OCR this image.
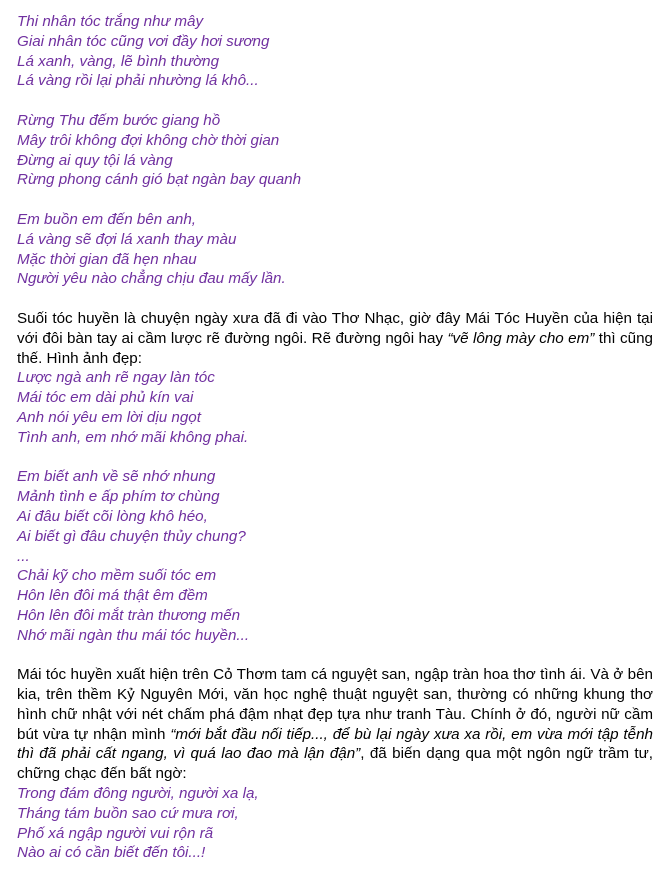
Thi nhân tóc trắng như mây
Giai nhân tóc cũng vơi đầy hơi sương
Lá xanh, vàng, lẽ bình thường
Lá vàng rồi lại phải nhường lá khô...
Rừng Thu đếm bước giang hồ
Mây trôi không đợi không chờ thời gian
Đừng ai quy tội lá vàng
Rừng phong cánh gió bạt ngàn bay quanh
Em buồn em đến bên anh,
Lá vàng sẽ đợi lá xanh thay màu
Mặc thời gian đã hẹn nhau
Người yêu nào chẳng chịu đau mấy lần.

Suối tóc huyền là chuyện ngày xưa đã đi vào Thơ Nhạc, giờ đây Mái Tóc Huyền của hiện tại với đôi bàn tay ai cầm lược rẽ đường ngôi. Rẽ đường ngôi hay “vẽ lông mày cho em” thì cũng thế. Hình ảnh đẹp:

Lược ngà anh rẽ ngay làn tóc
Mái tóc em dài phủ kín vai
Anh nói yêu em lời dịu ngọt
Tình anh, em nhớ mãi không phai.
Em biết anh về sẽ nhớ nhung
Mảnh tình e ấp phím tơ chùng
Ai đâu biết cõi lòng khô héo,
Ai biết gì đâu chuyện thủy chung?
...
Chải kỹ cho mềm suối tóc em
Hôn lên đôi má thật êm đềm
Hôn lên đôi mắt tràn thương mến
Nhớ mãi ngàn thu mái tóc huyền...

Mái tóc huyền xuất hiện trên Cỏ Thơm tam cá nguyệt san, ngập tràn hoa thơ tình ái. Và ở bên kia, trên thềm Kỷ Nguyên Mới, văn học nghệ thuật nguyệt san, thường có những khung thơ hình chữ nhật với nét chấm phá đậm nhạt đẹp tựa như tranh Tàu. Chính ở đó, người nữ cầm bút vừa tự nhận mình “mới bắt đầu nối tiếp..., để bù lại ngày xưa xa rồi, em vừa mới tập tễnh thì đã phải cất ngang, vì quá lao đao mà lận đận”, đã biến dạng qua một ngôn ngữ trầm tư, chững chạc đến bất ngờ:

Trong đám đông người, người xa lạ,
Tháng tám buồn sao cứ mưa rơi,
Phố xá ngập người vui rộn rã
Nào ai có cần biết đến tôi...!
